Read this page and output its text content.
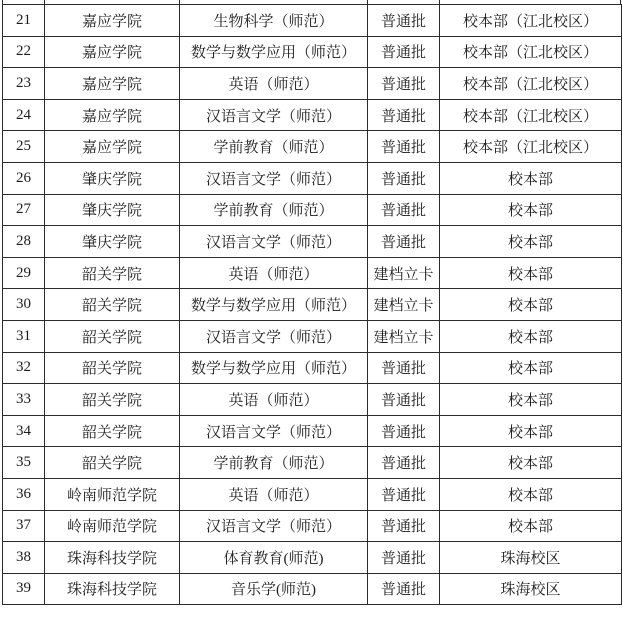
21	嘉应学院	生物科学（师范）	普通批	校本部（江北校区）
22	嘉应学院	数学与数学应用（师范）	普通批	校本部（江北校区）
23	嘉应学院	英语（师范）	普通批	校本部（江北校区）
24	嘉应学院	汉语言文学（师范）	普通批	校本部（江北校区）
25	嘉应学院	学前教育（师范）	普通批	校本部（江北校区）
26	肇庆学院	汉语言文学（师范）	普通批	校本部
27	肇庆学院	学前教育（师范）	普通批	校本部
28	肇庆学院	汉语言文学（师范）	普通批	校本部
29	韶关学院	英语（师范）	建档立卡	校本部
30	韶关学院	数学与数学应用（师范）	建档立卡	校本部
31	韶关学院	汉语言文学（师范）	建档立卡	校本部
32	韶关学院	数学与数学应用（师范）	普通批	校本部
33	韶关学院	英语（师范）	普通批	校本部
34	韶关学院	汉语言文学（师范）	普通批	校本部
35	韶关学院	学前教育（师范）	普通批	校本部
36	岭南师范学院	英语（师范）	普通批	校本部
37	岭南师范学院	汉语言文学（师范）	普通批	校本部
38	珠海科技学院	体育教育(师范)	普通批	珠海校区
39	珠海科技学院	音乐学(师范)	普通批	珠海校区
